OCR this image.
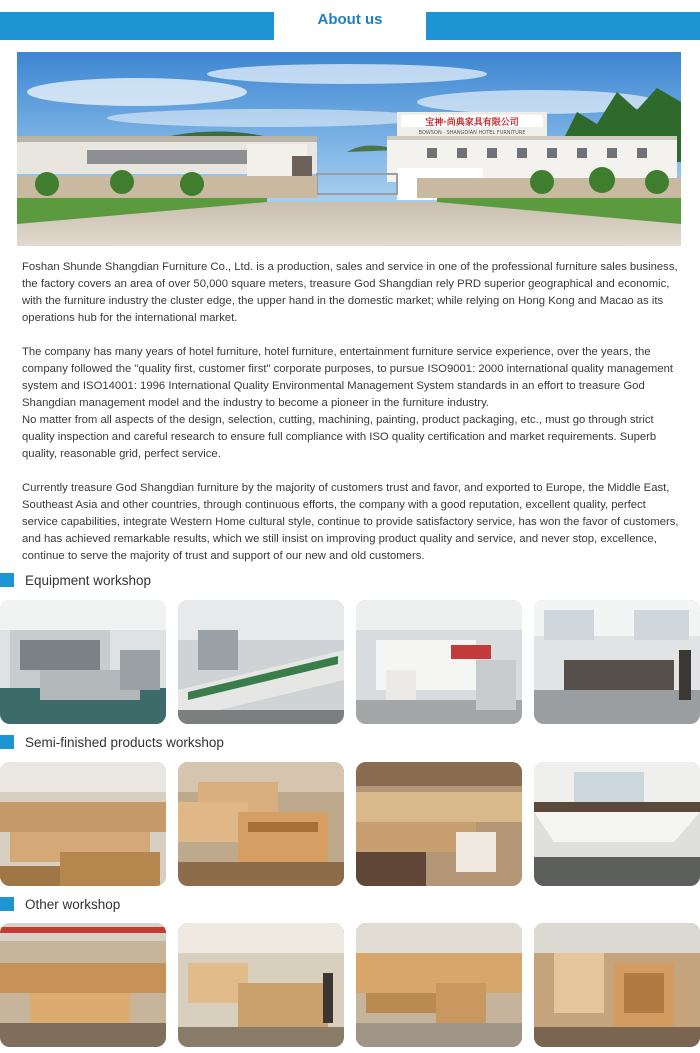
About us
宝神·尚典家具有限公司
BOWSON · SHANGDIAN HOTEL FURNITURE

Foshan Shunde Shangdian Furniture Co., Ltd. is a production, sales and service in one of the professional furniture sales business, the factory covers an area of over 50,000 square meters, treasure God Shangdian rely PRD superior geographical and economic, with the furniture industry the cluster edge, the upper hand in the domestic market; while relying on Hong Kong and Macao as its operations hub for the international market.

The company has many years of hotel furniture, hotel furniture, entertainment furniture service experience, over the years, the company followed the "quality first, customer first" corporate purposes, to pursue ISO9001: 2000 international quality management system and ISO14001: 1996 International Quality Environmental Management System standards in an effort to treasure God Shangdian management model and the industry to become a pioneer in the furniture industry.

No matter from all aspects of the design, selection, cutting, machining, painting, product packaging, etc., must go through strict quality inspection and careful research to ensure full compliance with ISO quality certification and market requirements. Superb quality, reasonable grid, perfect service.

Currently treasure God Shangdian furniture by the majority of customers trust and favor, and exported to Europe, the Middle East, Southeast Asia and other countries, through continuous efforts, the company with a good reputation, excellent quality, perfect service capabilities, integrate Western Home cultural style, continue to provide satisfactory service, has won the favor of customers, and has achieved remarkable results, which we still insist on improving product quality and service, and never stop, excellence, continue to serve the majority of trust and support of our new and old customers.

Equipment workshop
Semi-finished products workshop
Other workshop
